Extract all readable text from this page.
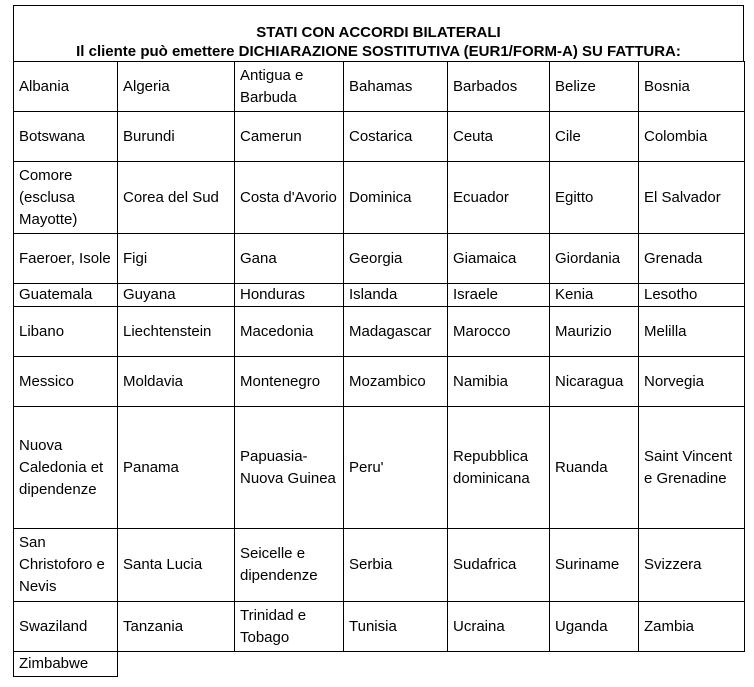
STATI CON ACCORDI BILATERALI
Il cliente può emettere DICHIARAZIONE SOSTITUTIVA (EUR1/FORM-A) SU FATTURA:
Albania	Algeria	Antigua e Barbuda	Bahamas	Barbados	Belize	Bosnia
Botswana	Burundi	Camerun	Costarica	Ceuta	Cile	Colombia
Comore (esclusa Mayotte)	Corea del Sud	Costa d'Avorio	Dominica	Ecuador	Egitto	El Salvador
Faeroer, Isole	Figi	Gana	Georgia	Giamaica	Giordania	Grenada
Guatemala	Guyana	Honduras	Islanda	Israele	Kenia	Lesotho
Libano	Liechtenstein	Macedonia	Madagascar	Marocco	Maurizio	Melilla
Messico	Moldavia	Montenegro	Mozambico	Namibia	Nicaragua	Norvegia
Nuova Caledonia et dipendenze	Panama	Papuasia-Nuova Guinea	Peru'	Repubblica dominicana	Ruanda	Saint Vincent e Grenadine
San Christoforo e Nevis	Santa Lucia	Seicelle e dipendenze	Serbia	Sudafrica	Suriname	Svizzera
Swaziland	Tanzania	Trinidad e Tobago	Tunisia	Ucraina	Uganda	Zambia
Zimbabwe						
